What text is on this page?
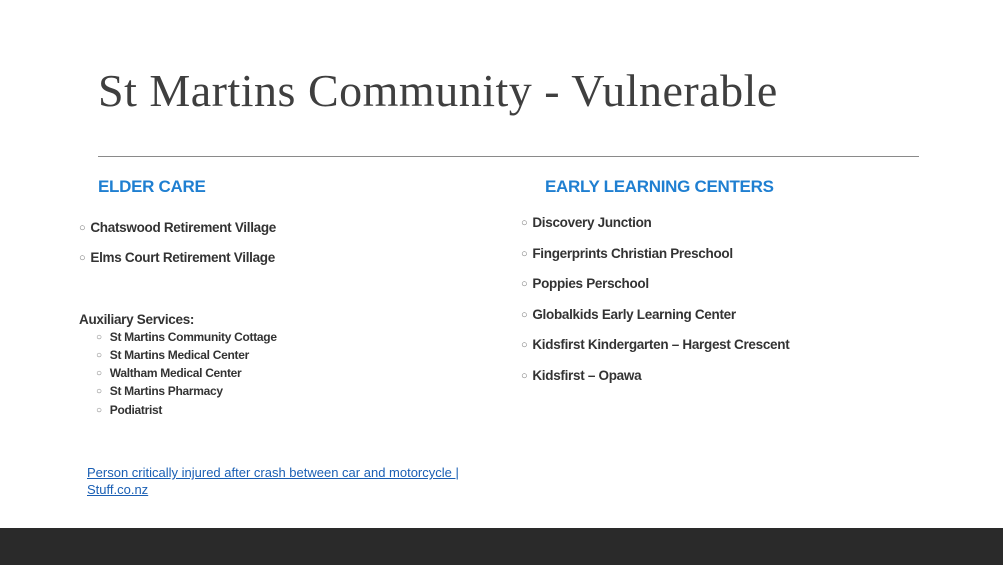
St Martins Community - Vulnerable
ELDER CARE
○ Chatswood Retirement Village
○ Elms Court Retirement Village
Auxiliary Services:
○ St Martins Community Cottage
○ St Martins Medical Center
○ Waltham Medical Center
○ St Martins Pharmacy
○ Podiatrist
Person critically injured after crash between car and motorcycle | Stuff.co.nz
EARLY LEARNING CENTERS
○ Discovery Junction
○ Fingerprints Christian Preschool
○ Poppies Perschool
○ Globalkids Early Learning Center
○ Kidsfirst Kindergarten – Hargest Crescent
○ Kidsfirst – Opawa
